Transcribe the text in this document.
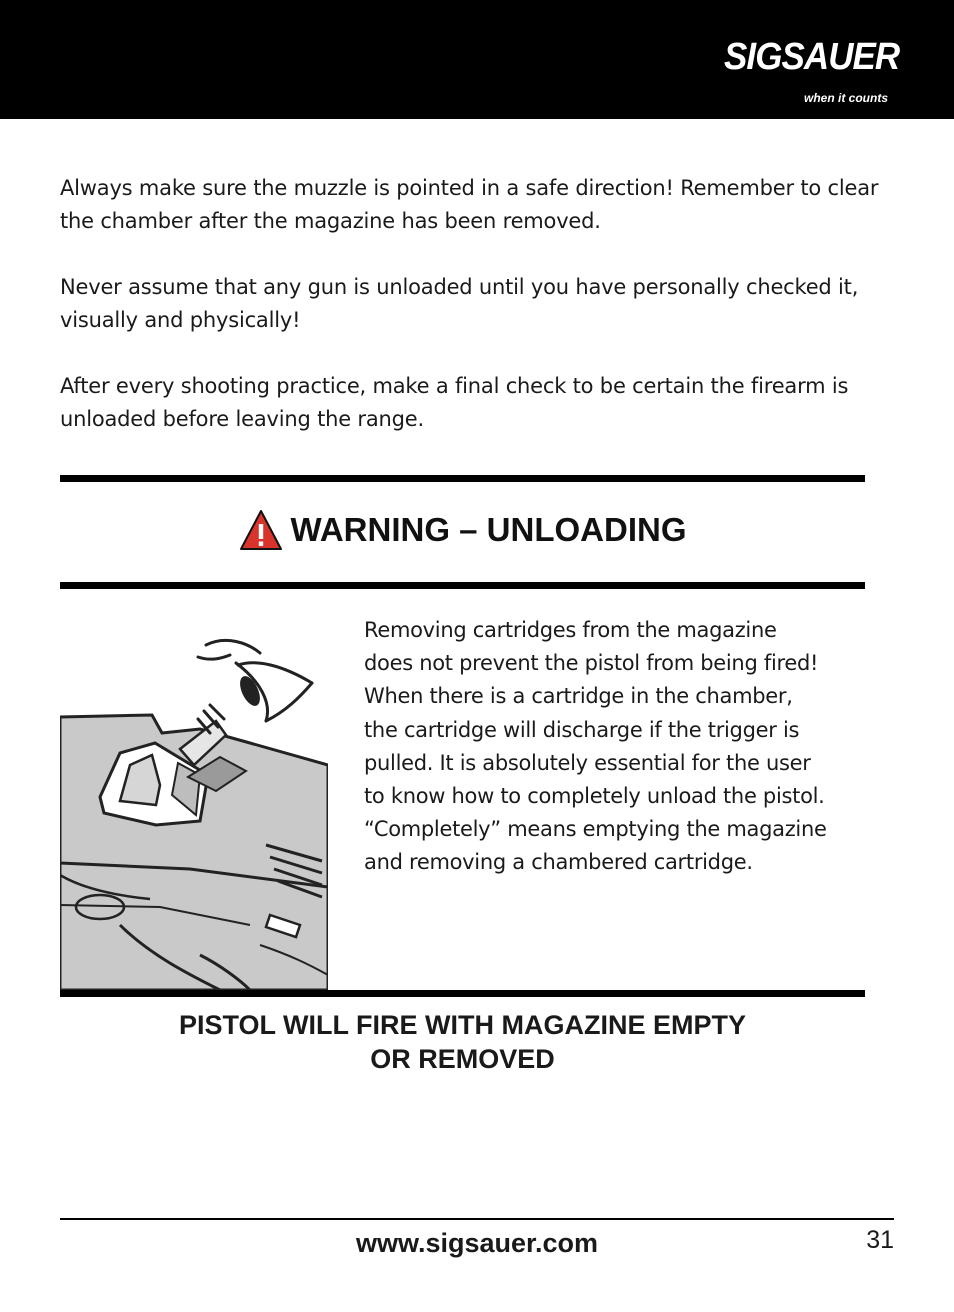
SIGSAUER
when it counts

Always make sure the muzzle is pointed in a safe direction! Remember to clear the chamber after the magazine has been removed.

Never assume that any gun is unloaded until you have personally checked it, visually and physically!

After every shooting practice, make a final check to be certain the firearm is unloaded before leaving the range.

WARNING – UNLOADING

Removing cartridges from the magazine
does not prevent the pistol from being fired!
When there is a cartridge in the chamber,
the cartridge will discharge if the trigger is
pulled. It is absolutely essential for the user
to know how to completely unload the pistol.
“Completely” means emptying the magazine
and removing a chambered cartridge.

PISTOL WILL FIRE WITH MAGAZINE EMPTY
OR REMOVED
www.sigsauer.com	31
